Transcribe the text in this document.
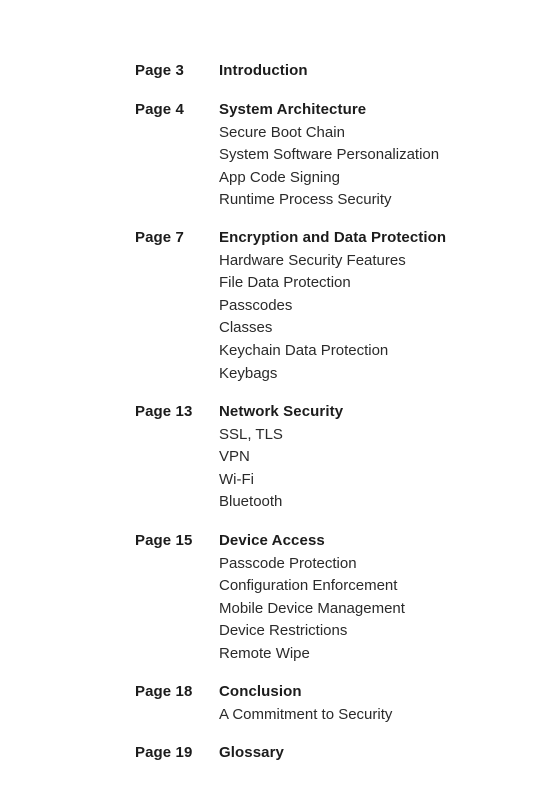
Page 3	Introduction
Page 4	System Architecture
Secure Boot Chain
System Software Personalization
App Code Signing
Runtime Process Security
Page 7	Encryption and Data Protection
Hardware Security Features
File Data Protection
Passcodes
Classes
Keychain Data Protection
Keybags
Page 13	Network Security
SSL, TLS
VPN
Wi-Fi
Bluetooth
Page 15	Device Access
Passcode Protection
Configuration Enforcement
Mobile Device Management
Device Restrictions
Remote Wipe
Page 18	Conclusion
A Commitment to Security
Page 19	Glossary
